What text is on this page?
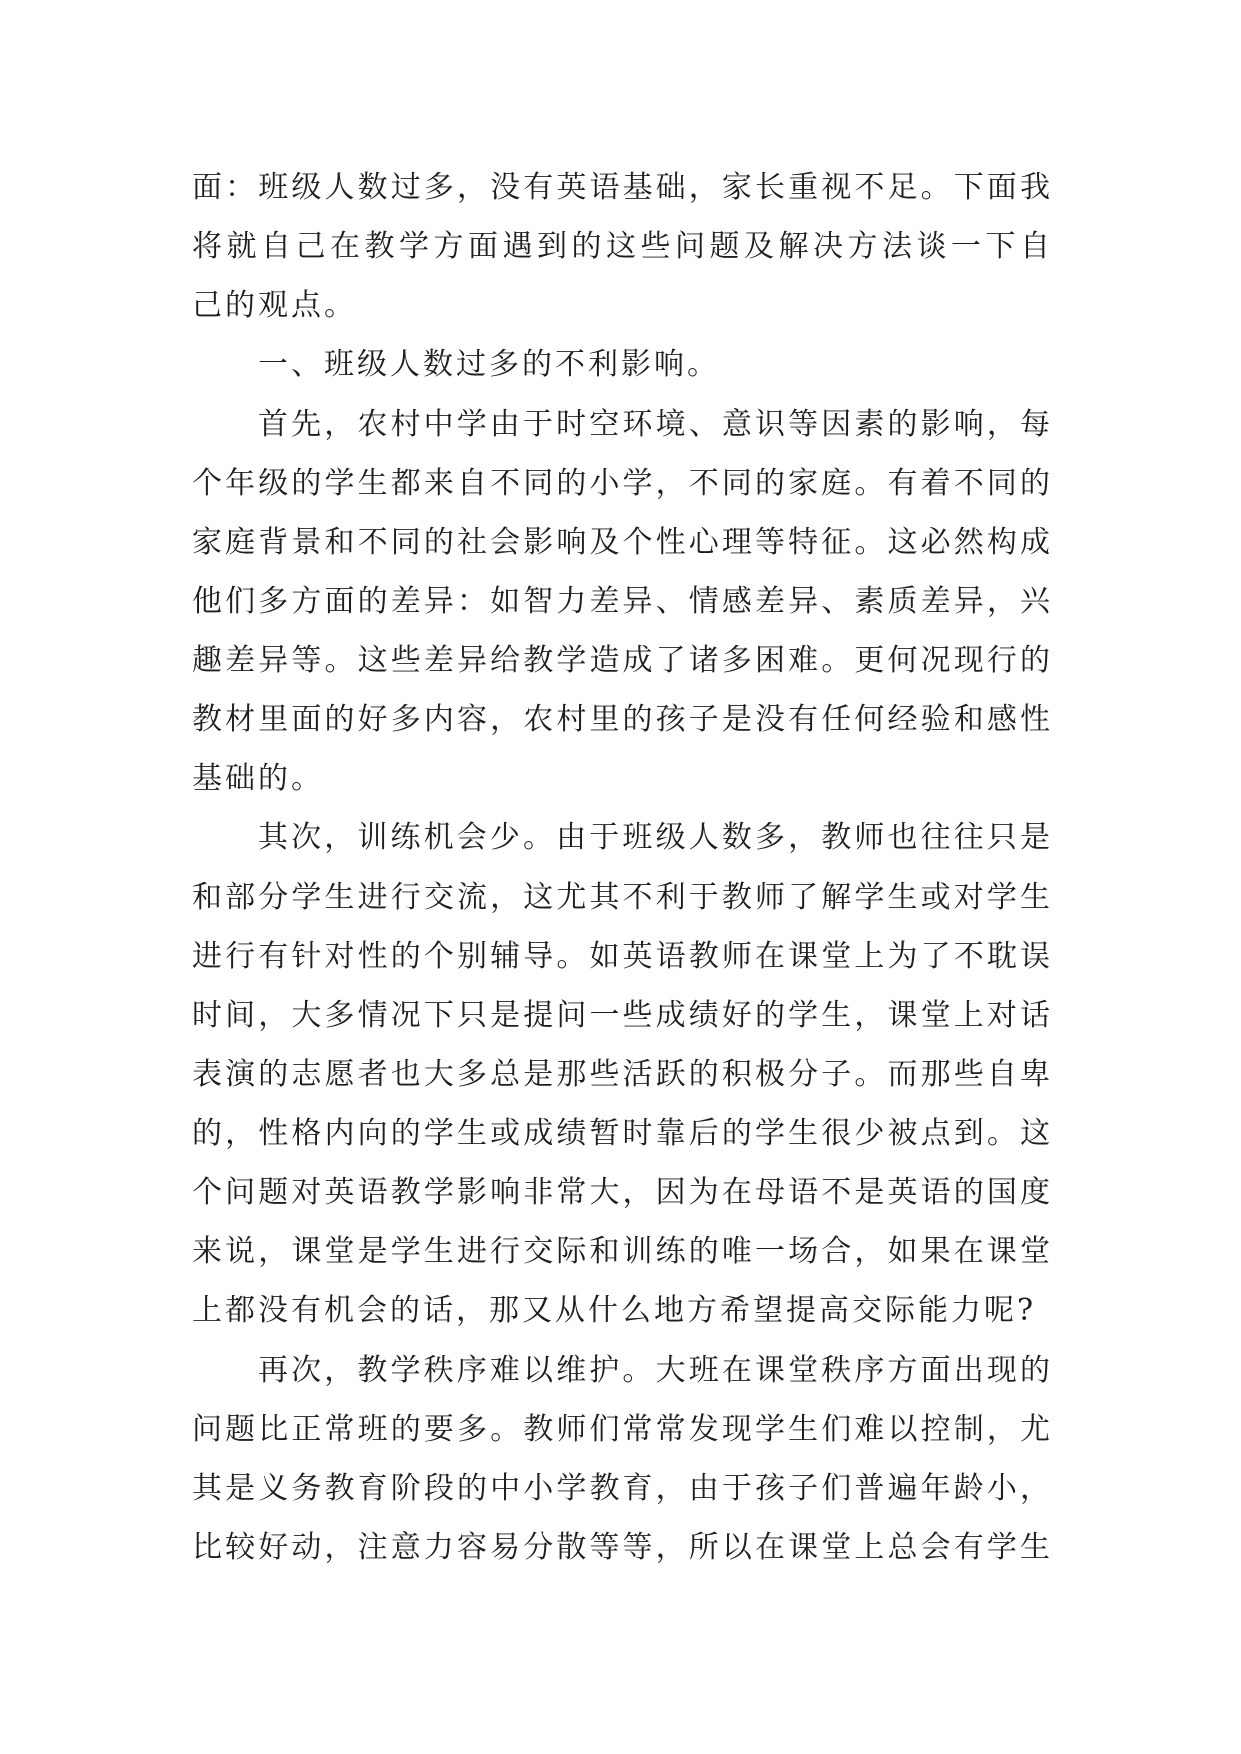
面：班级人数过多，没有英语基础，家长重视不足。下面我
将就自己在教学方面遇到的这些问题及解决方法谈一下自
己的观点。
一、班级人数过多的不利影响。
首先，农村中学由于时空环境、意识等因素的影响，每
个年级的学生都来自不同的小学，不同的家庭。有着不同的
家庭背景和不同的社会影响及个性心理等特征。这必然构成
他们多方面的差异：如智力差异、情感差异、素质差异，兴
趣差异等。这些差异给教学造成了诸多困难。更何况现行的
教材里面的好多内容，农村里的孩子是没有任何经验和感性
基础的。
其次，训练机会少。由于班级人数多，教师也往往只是
和部分学生进行交流，这尤其不利于教师了解学生或对学生
进行有针对性的个别辅导。如英语教师在课堂上为了不耽误
时间，大多情况下只是提问一些成绩好的学生，课堂上对话
表演的志愿者也大多总是那些活跃的积极分子。而那些自卑
的，性格内向的学生或成绩暂时靠后的学生很少被点到。这
个问题对英语教学影响非常大，因为在母语不是英语的国度
来说，课堂是学生进行交际和训练的唯一场合，如果在课堂
上都没有机会的话，那又从什么地方希望提高交际能力呢?
再次，教学秩序难以维护。大班在课堂秩序方面出现的
问题比正常班的要多。教师们常常发现学生们难以控制，尤
其是义务教育阶段的中小学教育，由于孩子们普遍年龄小，
比较好动，注意力容易分散等等，所以在课堂上总会有学生
